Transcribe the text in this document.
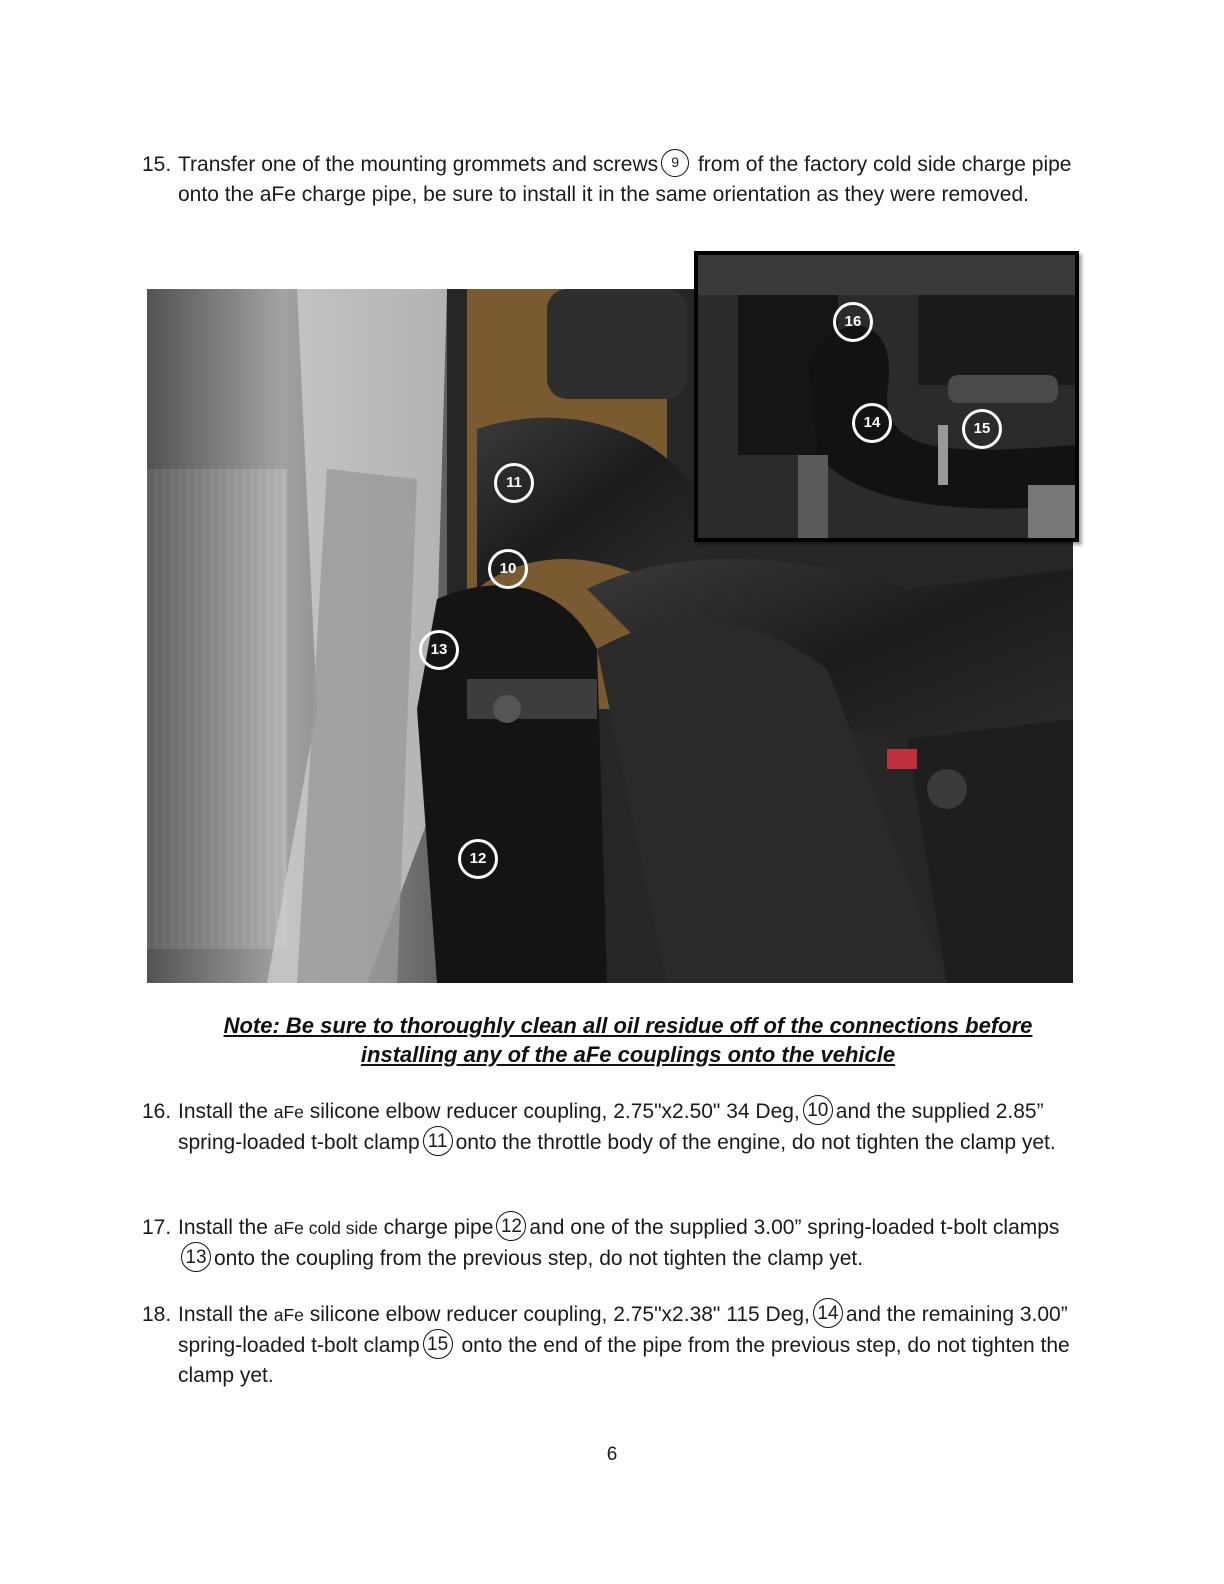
15. Transfer one of the mounting grommets and screws 9 from of the factory cold side charge pipe onto the aFe charge pipe, be sure to install it in the same orientation as they were removed.
11
10
13
12
16
14	15
Note: Be sure to thoroughly clean all oil residue off of the connections before installing any of the aFe couplings onto the vehicle
16. Install the aFe silicone elbow reducer coupling, 2.75"x2.50" 34 Deg, 10 and the supplied 2.85” spring-loaded t-bolt clamp 11 onto the throttle body of the engine, do not tighten the clamp yet.
17. Install the aFe cold side charge pipe 12 and one of the supplied 3.00” spring-loaded t-bolt clamps13 onto the coupling from the previous step, do not tighten the clamp yet.
18. Install the aFe silicone elbow reducer coupling, 2.75"x2.38" 115 Deg, 14 and the remaining 3.00” spring-loaded t-bolt clamp 15 onto the end of the pipe from the previous step, do not tighten the clamp yet.
6
